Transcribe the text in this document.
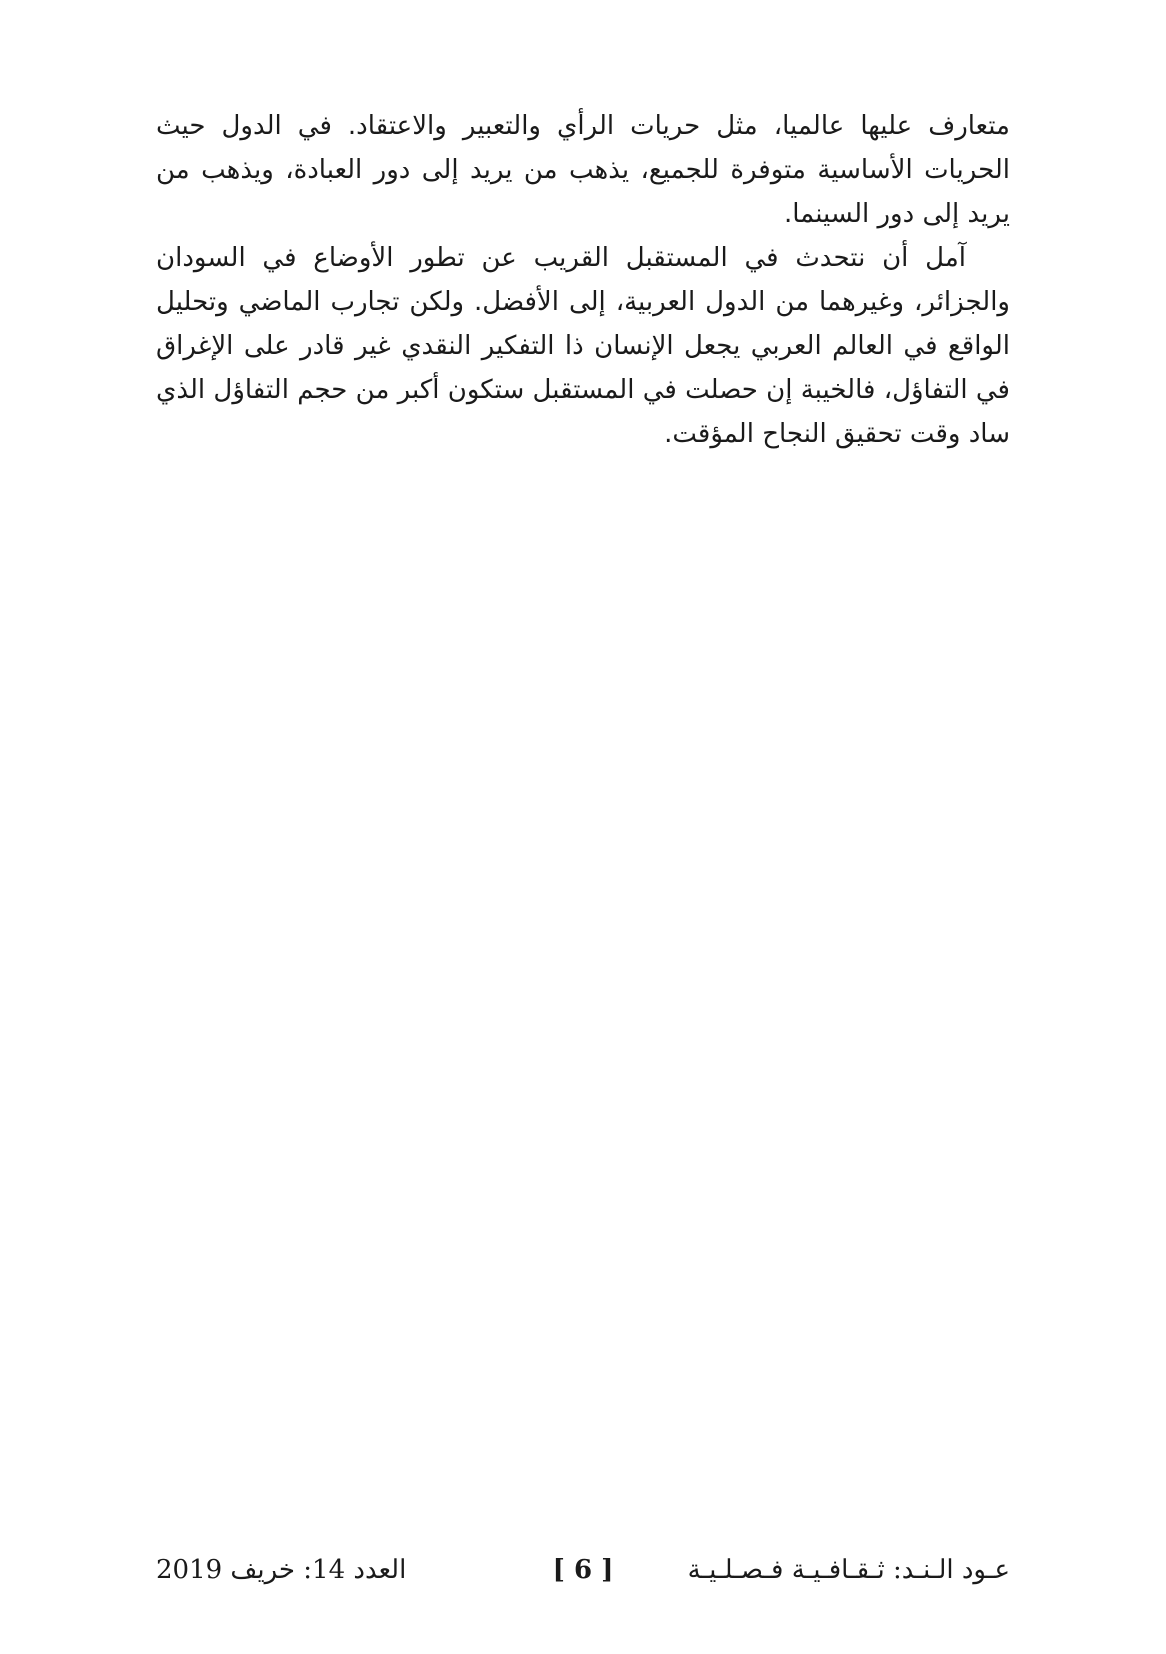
متعارف عليها عالميا، مثل حريات الرأي والتعبير والاعتقاد. في الدول حيث الحريات الأساسية متوفرة للجميع، يذهب من يريد إلى دور العبادة، ويذهب من يريد إلى دور السينما.

آمل أن نتحدث في المستقبل القريب عن تطور الأوضاع في السودان والجزائر، وغيرهما من الدول العربية، إلى الأفضل. ولكن تجارب الماضي وتحليل الواقع في العالم العربي يجعل الإنسان ذا التفكير النقدي غير قادر على الإغراق في التفاؤل، فالخيبة إن حصلت في المستقبل ستكون أكبر من حجم التفاؤل الذي ساد وقت تحقيق النجاح المؤقت.

عـود الـنـد: ثـقـافـيـة فـصـلـيـة
[ 6 ]
العدد 14: خريف 2019
